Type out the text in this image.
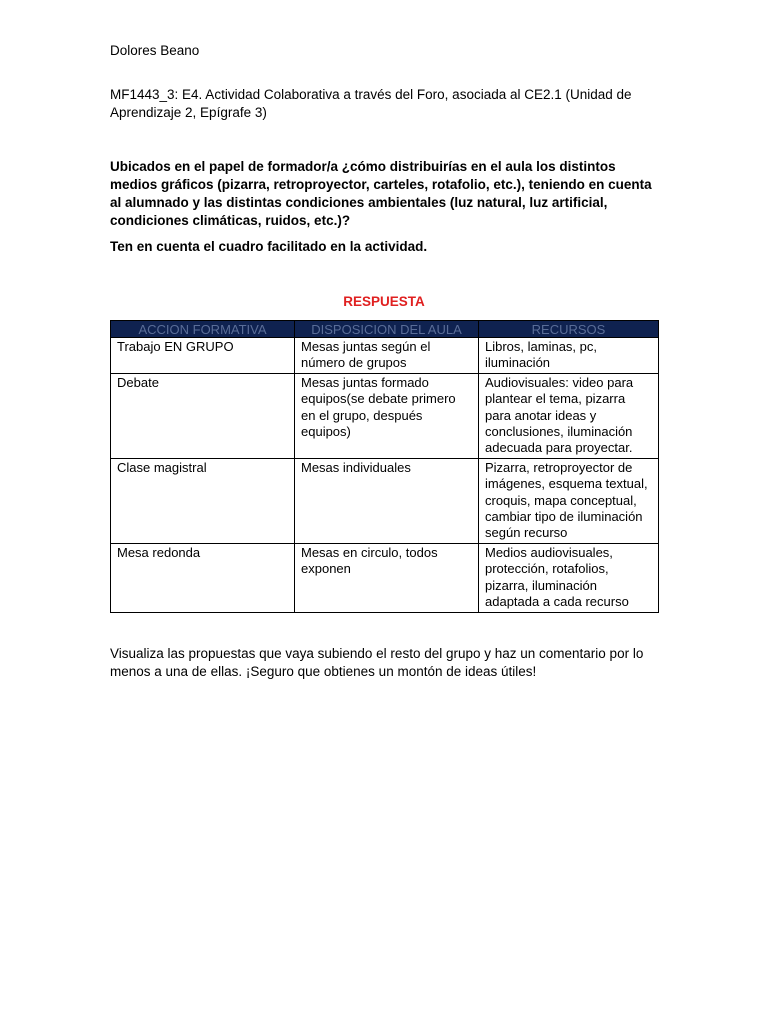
Dolores Beano
MF1443_3: E4. Actividad Colaborativa a través del Foro, asociada al CE2.1 (Unidad de Aprendizaje 2, Epígrafe 3)
Ubicados en el papel de formador/a ¿cómo distribuirías en el aula los distintos medios gráficos (pizarra, retroproyector, carteles, rotafolio, etc.), teniendo en cuenta al alumnado y las distintas condiciones ambientales (luz natural, luz artificial, condiciones climáticas, ruidos, etc.)?
Ten en cuenta el cuadro facilitado en la actividad.
RESPUESTA
ACCION FORMATIVA	DISPOSICION DEL AULA	RECURSOS
Trabajo EN GRUPO	Mesas juntas según el número de grupos	Libros, laminas, pc, iluminación
Debate	Mesas juntas formado equipos(se debate primero en el grupo, después equipos)	Audiovisuales: video para plantear el tema, pizarra para anotar ideas y conclusiones, iluminación adecuada para proyectar.
Clase magistral	Mesas individuales	Pizarra, retroproyector de imágenes, esquema textual, croquis, mapa conceptual, cambiar tipo de iluminación según recurso
Mesa redonda	Mesas en circulo, todos exponen	Medios audiovisuales, protección, rotafolios, pizarra, iluminación adaptada a cada recurso
Visualiza las propuestas que vaya subiendo el resto del grupo y haz un comentario por lo menos a una de ellas. ¡Seguro que obtienes un montón de ideas útiles!
